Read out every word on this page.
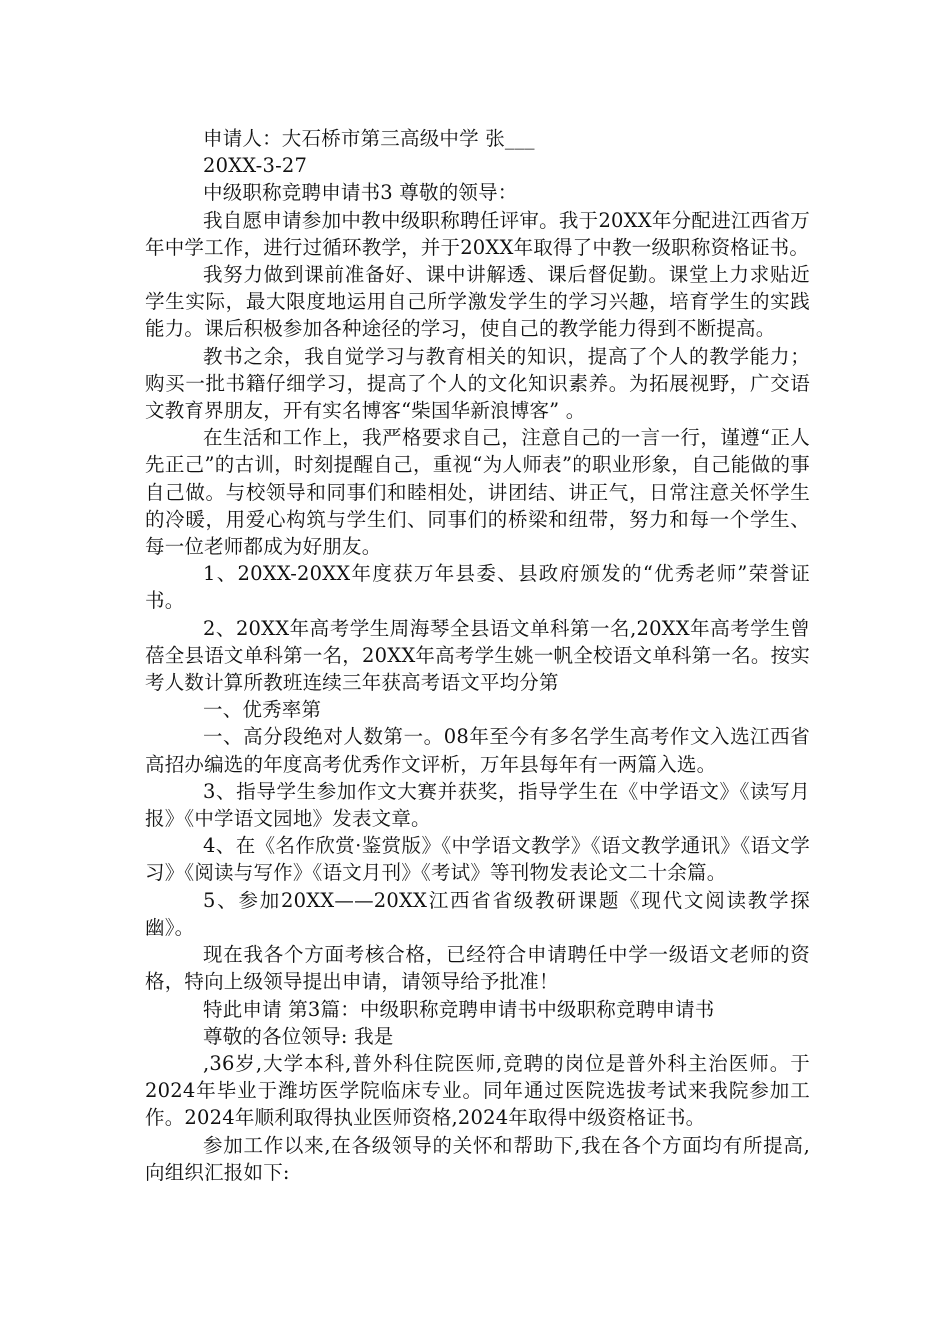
申请人：大石桥市第三高级中学 张___

20XX-3-27

中级职称竞聘申请书3 尊敬的领导：

我自愿申请参加中教中级职称聘任评审。我于20XX年分配进江西省万年中学工作，进行过循环教学，并于20XX年取得了中教一级职称资格证书。

我努力做到课前准备好、课中讲解透、课后督促勤。课堂上力求贴近学生实际，最大限度地运用自己所学激发学生的学习兴趣，培育学生的实践能力。课后积极参加各种途径的学习，使自己的教学能力得到不断提高。

教书之余，我自觉学习与教育相关的知识，提高了个人的教学能力；购买一批书籍仔细学习，提高了个人的文化知识素养。为拓展视野，广交语文教育界朋友，开有实名博客“柴国华新浪博客” 。

在生活和工作上，我严格要求自己，注意自己的一言一行，谨遵“正人先正己”的古训，时刻提醒自己，重视“为人师表”的职业形象，自己能做的事自己做。与校领导和同事们和睦相处，讲团结、讲正气，日常注意关怀学生的冷暖，用爱心构筑与学生们、同事们的桥梁和纽带，努力和每一个学生、每一位老师都成为好朋友。

1、20XX-20XX年度获万年县委、县政府颁发的“优秀老师”荣誉证书。

2、20XX年高考学生周海琴全县语文单科第一名,20XX年高考学生曾蓓全县语文单科第一名，20XX年高考学生姚一帆全校语文单科第一名。按实考人数计算所教班连续三年获高考语文平均分第

一、优秀率第

一、高分段绝对人数第一。08年至今有多名学生高考作文入选江西省高招办编选的年度高考优秀作文评析，万年县每年有一两篇入选。

3、指导学生参加作文大赛并获奖，指导学生在《中学语文》《读写月报》《中学语文园地》发表文章。

4、在《名作欣赏·鉴赏版》《中学语文教学》《语文教学通讯》《语文学习》《阅读与写作》《语文月刊》《考试》等刊物发表论文二十余篇。

5、参加20XX——20XX江西省省级教研课题《现代文阅读教学探幽》。

现在我各个方面考核合格，已经符合申请聘任中学一级语文老师的资格，特向上级领导提出申请，请领导给予批准！

特此申请 第3篇：中级职称竞聘申请书中级职称竞聘申请书

尊敬的各位领导: 我是

,36岁,大学本科,普外科住院医师,竞聘的岗位是普外科主治医师。于2024年毕业于潍坊医学院临床专业。同年通过医院选拔考试来我院参加工作。2024年顺利取得执业医师资格,2024年取得中级资格证书。

参加工作以来,在各级领导的关怀和帮助下,我在各个方面均有所提高,向组织汇报如下:
